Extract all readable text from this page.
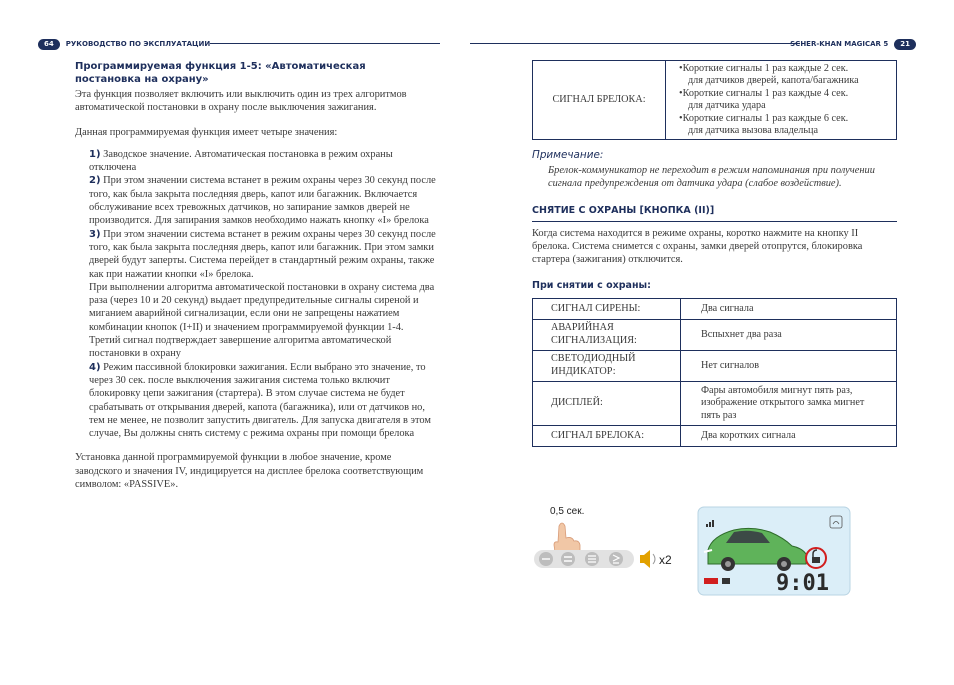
64	РУКОВОДСТВО ПО ЭКСПЛУАТАЦИИ	SCHER-KHAN MAGICAR 5	21
Программируемая функция 1-5: «Автоматическая
постановка на охрану»
Эта функция позволяет включить или выключить один из трех алгоритмов автоматической постановки в охрану после выключения зажигания.
Данная программируемая функция имеет четыре значения:
1) Заводское значение. Автоматическая постановка в режим охраны отключена
2) При этом значении система встанет в режим охраны через 30 секунд после того, как была закрыта последняя дверь, капот или багажник. Включается обслуживание всех тревожных датчиков, но запирание замков дверей не производится. Для запирания замков необходимо нажать кнопку «I» брелока
3) При этом значении система встанет в режим охраны через 30 секунд после того, как была закрыта последняя дверь, капот или багажник. При этом замки дверей будут заперты. Система перейдет в стандартный режим охраны, также как при нажатии кнопки «I» брелока.
При выполнении алгоритма автоматической постановки в охрану система два раза (через 10 и 20 секунд) выдает предупредительные сигналы сиреной и миганием аварийной сигнализации, если они не запрещены нажатием комбинации кнопок (I+II) и значением программируемой функции 1-4. Третий сигнал подтверждает завершение алгоритма автоматической постановки в охрану
4) Режим пассивной блокировки зажигания. Если выбрано это значение, то через 30 сек. после выключения зажигания система только включит блокировку цепи зажигания (стартера). В этом случае система не будет срабатывать от открывания дверей, капота (багажника), или от датчиков но, тем не менее, не позволит запустить двигатель. Для запуска двигателя в этом случае, Вы должны снять систему с режима охраны при помощи брелока
Установка данной программируемой функции в любое значение, кроме заводского и значения IV, индицируется на дисплее брелока соответствующим символом: «PASSIVE».
СИГНАЛ БРЕЛОКА:	
•Короткие сигналы 1 раз каждые 2 сек.
для датчиков дверей, капота/багажника
•Короткие сигналы 1 раз каждые 4 сек.
для датчика удара
•Короткие сигналы 1 раз каждые 6 сек.
для датчика вызова владельца
Примечание:
Брелок-коммуникатор не переходит в режим напоминания при получении сигнала предупреждения от датчика удара (слабое воздействие).
СНЯТИЕ С ОХРАНЫ [КНОПКА (II)]
Когда система находится в режиме охраны, коротко нажмите на кнопку II брелока. Система снимется с охраны, замки дверей отопрутся, блокировка стартера (зажигания) отключится.
При снятии с охраны:
СИГНАЛ СИРЕНЫ:	Два сигнала
АВАРИЙНАЯ СИГНАЛИЗАЦИЯ:	Вспыхнет два раза
СВЕТОДИОДНЫЙ ИНДИКАТОР:	Нет сигналов
ДИСПЛЕЙ:	Фары автомобиля мигнут пять раз, изображение открытого замка мигнет пять раз
СИГНАЛ БРЕЛОКА:	Два коротких сигнала
0,5 сек.
x2
9:01
